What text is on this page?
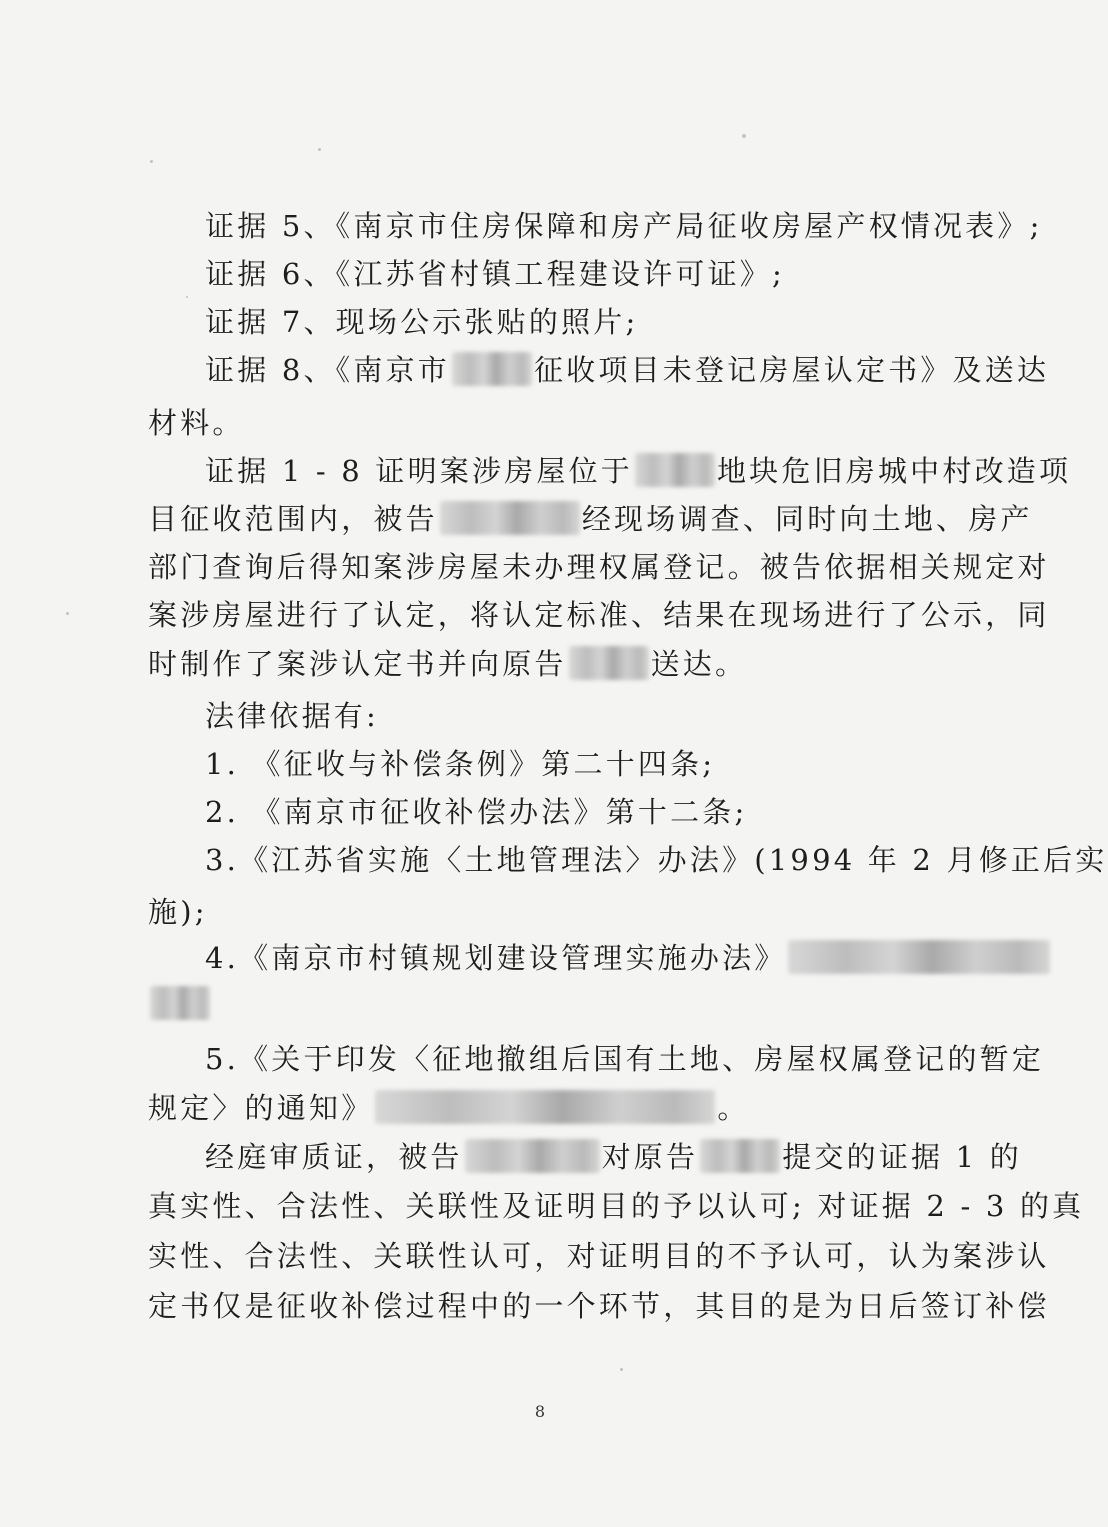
证据 5、《南京市住房保障和房产局征收房屋产权情况表》;
证据 6、《江苏省村镇工程建设许可证》;
证据 7、现场公示张贴的照片;
证据 8、《南京市	征收项目未登记房屋认定书》及送达
材料。
证据 1 - 8 证明案涉房屋位于	地块危旧房城中村改造项
目征收范围内，被告	经现场调查、同时向土地、房产
部门查询后得知案涉房屋未办理权属登记。被告依据相关规定对
案涉房屋进行了认定，将认定标准、结果在现场进行了公示，同
时制作了案涉认定书并向原告	送达。
法律依据有:
1. 《征收与补偿条例》第二十四条;
2. 《南京市征收补偿办法》第十二条;
3.《江苏省实施〈土地管理法〉办法》(1994 年 2 月修正后实
施);
4.《南京市村镇规划建设管理实施办法》
5.《关于印发〈征地撤组后国有土地、房屋权属登记的暂定
规定〉的通知》	。
经庭审质证，被告	对原告	提交的证据 1 的
真实性、合法性、关联性及证明目的予以认可; 对证据 2 - 3 的真
实性、合法性、关联性认可，对证明目的不予认可，认为案涉认
定书仅是征收补偿过程中的一个环节，其目的是为日后签订补偿
8
